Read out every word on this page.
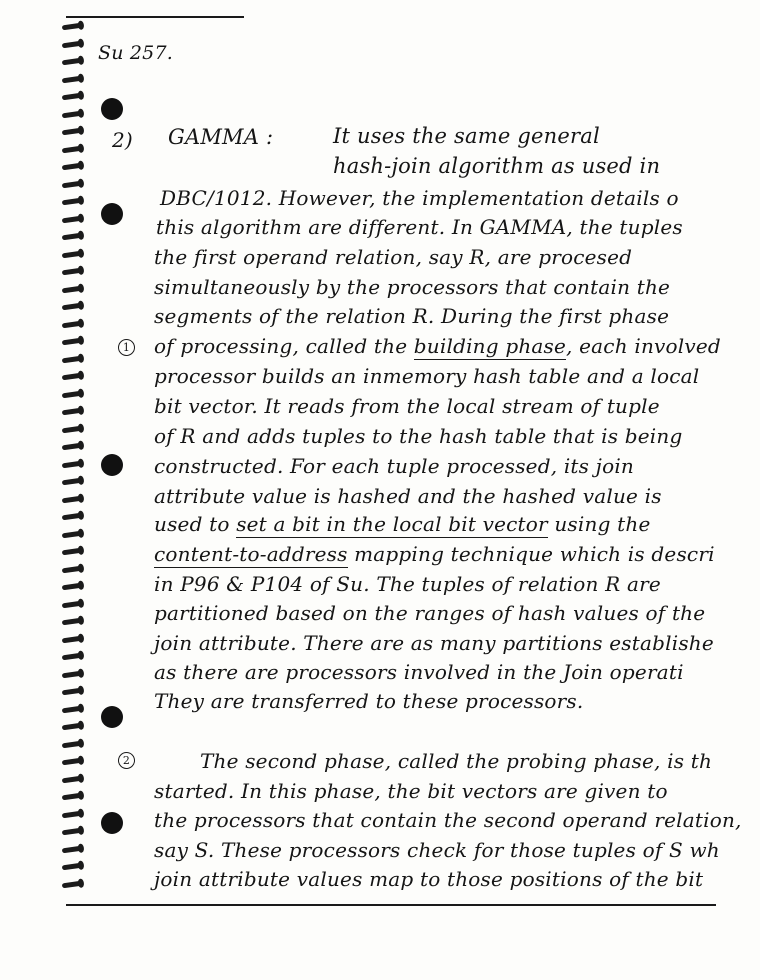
Su 257.
2) GAMMA :
1
2
It uses the same general
hash-join algorithm as used in
DBC/1012. However, the implementation details o
this algorithm are different. In GAMMA, the tuples
the first operand relation, say R, are procesed
simultaneously by the processors that contain the
segments of the relation R. During the first phase
of processing, called the building phase, each involved
processor builds an inmemory hash table and a local
bit vector. It reads from the local stream of tuple
of R and adds tuples to the hash table that is being
constructed. For each tuple processed, its join
attribute value is hashed and the hashed value is
used to set a bit in the local bit vector using the
content-to-address mapping technique which is descri
in P96 & P104 of Su. The tuples of relation R are
partitioned based on the ranges of hash values of the
join attribute. There are as many partitions establishe
as there are processors involved in the Join operati
They are transferred to these processors.
The second phase, called the probing phase, is th
started. In this phase, the bit vectors are given to
the processors that contain the second operand relation,
say S. These processors check for those tuples of S wh
join attribute values map to those positions of the bit
